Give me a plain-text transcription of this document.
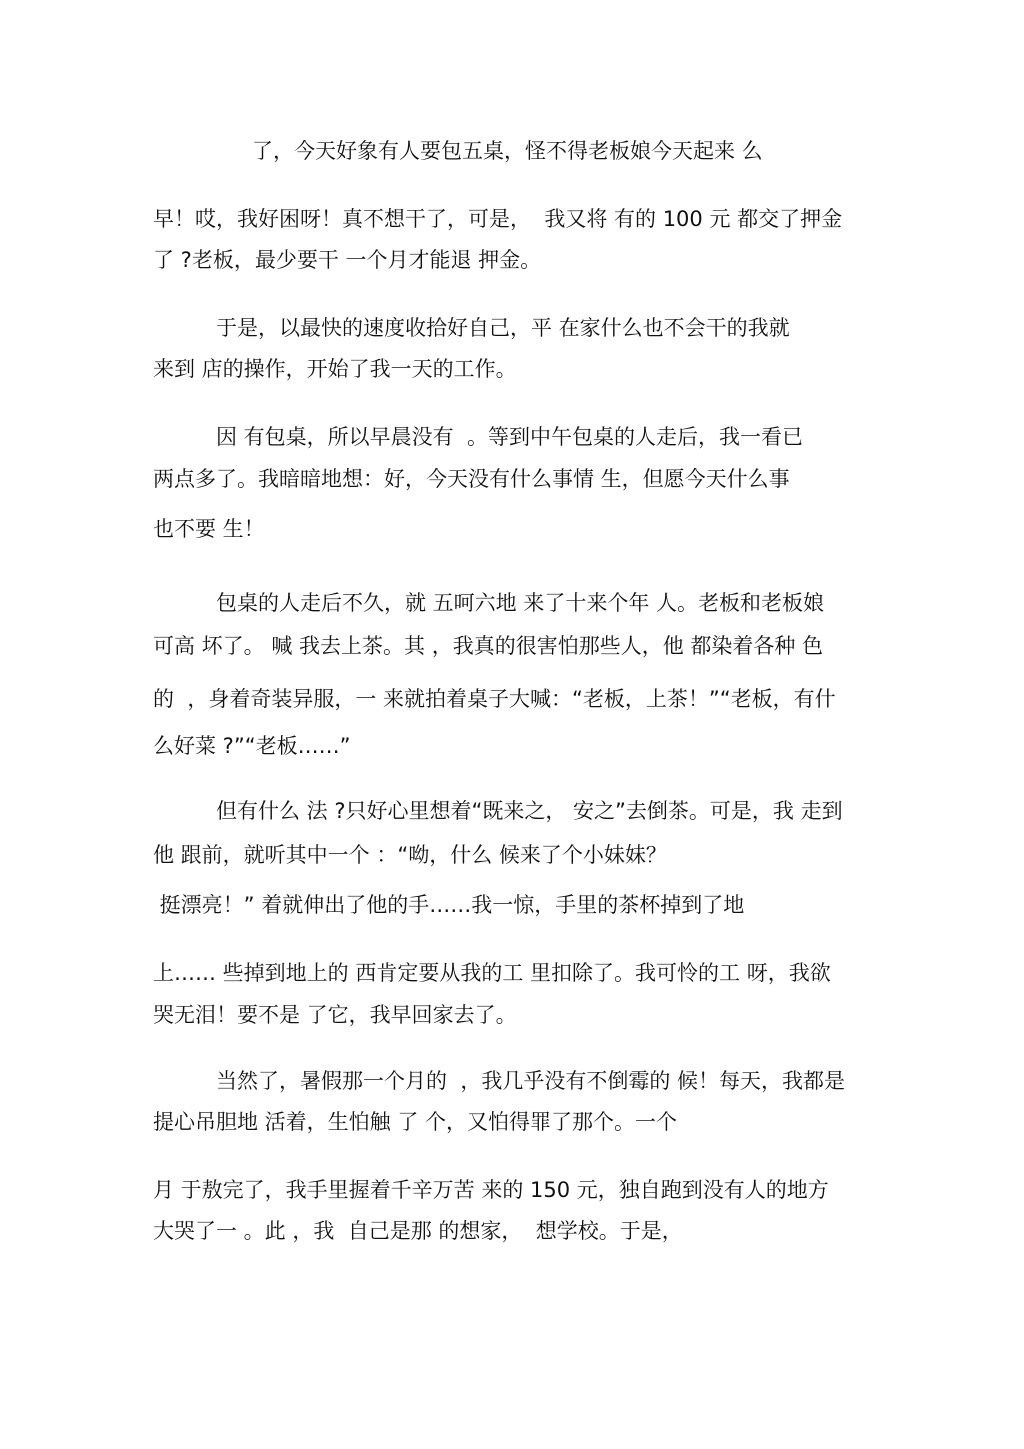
了，今天好象有人要包五桌，怪不得老板娘今天起来 么
早！哎，我好困呀！真不想干了，可是，  我又将 有的 100 元 都交了押金
了 ?老板，最少要干 一个月才能退 押金。
于是，以最快的速度收拾好自己，平 在家什么也不会干的我就
来到 店的操作，开始了我一天的工作。
因 有包桌，所以早晨没有  。等到中午包桌的人走后，我一看已
两点多了。我暗暗地想：好，今天没有什么事情 生，但愿今天什么事
也不要 生！
包桌的人走后不久，就 五呵六地 来了十来个年 人。老板和老板娘
可高 坏了。 喊 我去上茶。其 ，我真的很害怕那些人，他 都染着各种 色
的  ，身着奇装异服，一 来就拍着桌子大喊：“老板，上茶！”“老板，有什
么好菜 ?”“老板……”
但有什么 法 ?只好心里想着“既来之， 安之”去倒茶。可是，我 走到
他 跟前，就听其中一个 ：“呦，什么 候来了个小妹妹？
挺漂亮！” 着就伸出了他的手……我一惊，手里的茶杯掉到了地
上…… 些掉到地上的 西肯定要从我的工 里扣除了。我可怜的工 呀，我欲
哭无泪！要不是 了它，我早回家去了。
当然了，暑假那一个月的  ，我几乎没有不倒霉的 候！每天，我都是
提心吊胆地 活着，生怕触 了 个，又怕得罪了那个。一个
月 于敖完了，我手里握着千辛万苦 来的 150 元，独自跑到没有人的地方
大哭了一 。此 ，我  自己是那 的想家，  想学校。于是，
